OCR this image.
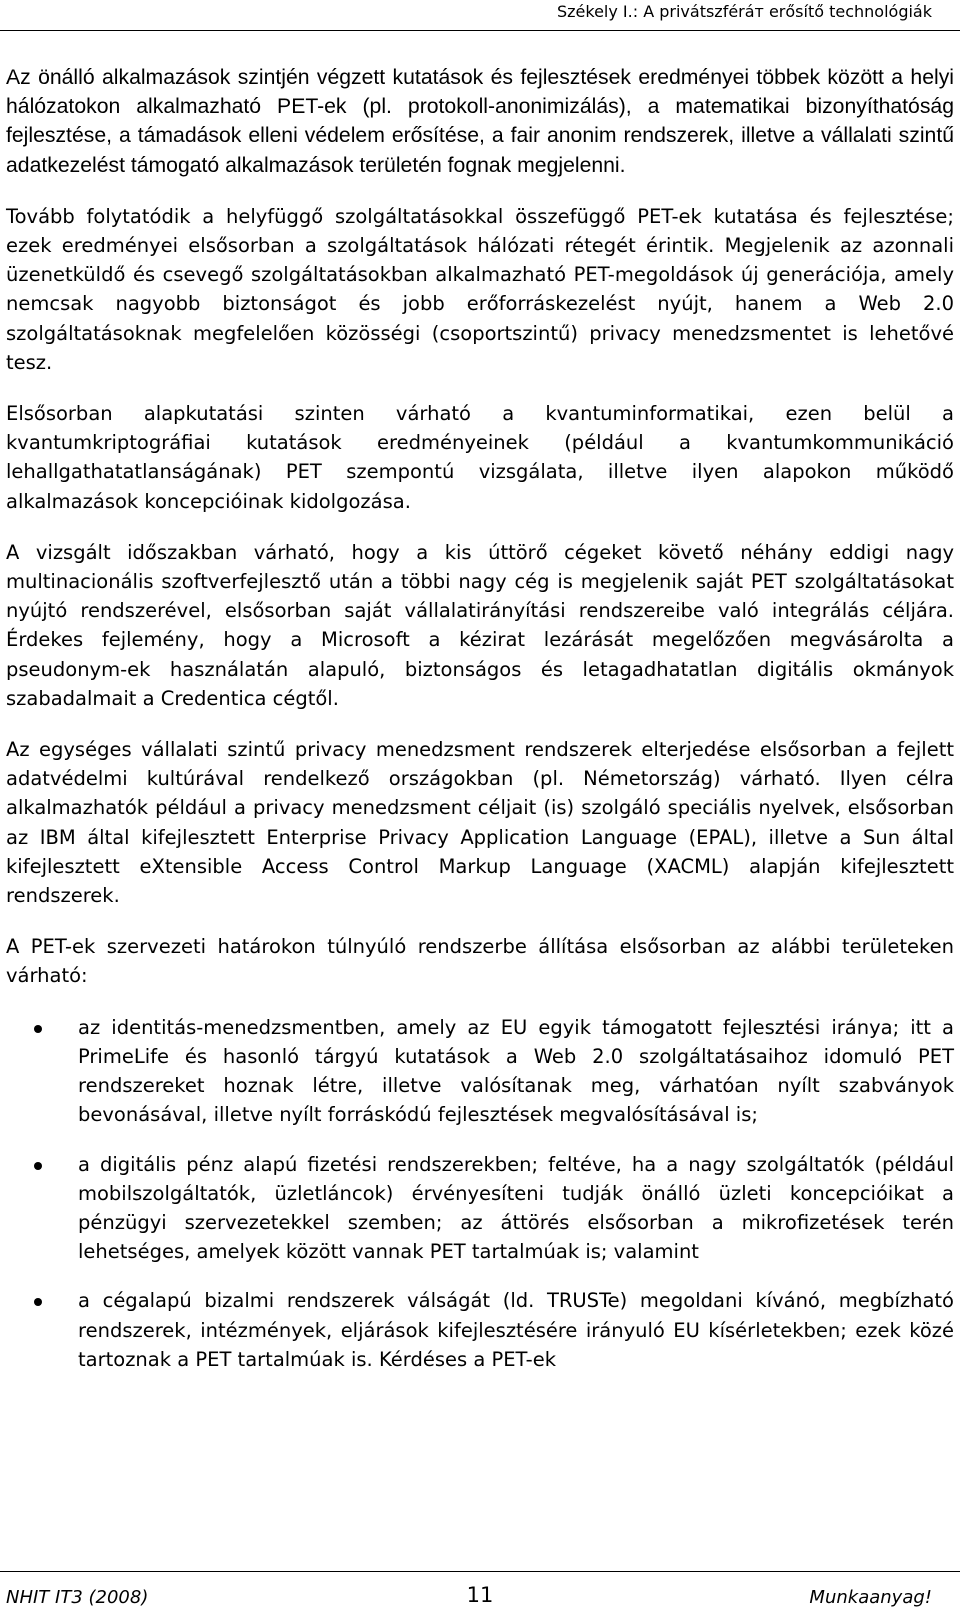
Székely I.: A privátszféráт erősítő technológiák

Az önálló alkalmazások szintjén végzett kutatások és fejlesztések eredményei többek között a helyi hálózatokon alkalmazható PET-ek (pl. protokoll-anonimizálás), a matematikai bizonyíthatóság fejlesztése, a támadások elleni védelem erősítése, a fair anonim rendszerek, illetve a vállalati szintű adatkezelést támogató alkalmazások területén fognak megjelenni.

Tovább folytatódik a helyfüggő szolgáltatásokkal összefüggő PET-ek kutatása és fejlesztése; ezek eredményei elsősorban a szolgáltatások hálózati rétegét érintik. Megjelenik az azonnali üzenetküldő és csevegő szolgáltatásokban alkalmazható PET-megoldások új generációja, amely nemcsak nagyobb biztonságot és jobb erőforráskezelést nyújt, hanem a Web 2.0 szolgáltatásoknak megfelelően közösségi (csoportszintű) privacy menedzsmentet is lehetővé tesz.

Elsősorban alapkutatási szinten várható a kvantuminformatikai, ezen belül a kvantumkriptográfiai kutatások eredményeinek (például a kvantumkommunikáció lehallgathatatlanságának) PET szempontú vizsgálata, illetve ilyen alapokon működő alkalmazások koncepcióinak kidolgozása.

A vizsgált időszakban várható, hogy a kis úttörő cégeket követő néhány eddigi nagy multinacionális szoftverfejlesztő után a többi nagy cég is megjelenik saját PET szolgáltatásokat nyújtó rendszerével, elsősorban saját vállalatirányítási rendszereibe való integrálás céljára. Érdekes fejlemény, hogy a Microsoft a kézirat lezárását megelőzően megvásárolta a pseudonym-ek használatán alapuló, biztonságos és letagadhatatlan digitális okmányok szabadalmait a Credentica cégtől.

Az egységes vállalati szintű privacy menedzsment rendszerek elterjedése elsősorban a fejlett adatvédelmi kultúrával rendelkező országokban (pl. Németország) várható. Ilyen célra alkalmazhatók például a privacy menedzsment céljait (is) szolgáló speciális nyelvek, elsősorban az IBM által kifejlesztett Enterprise Privacy Application Language (EPAL), illetve a Sun által kifejlesztett eXtensible Access Control Markup Language (XACML) alapján kifejlesztett rendszerek.

A PET-ek szervezeti határokon túlnyúló rendszerbe állítása elsősorban az alábbi területeken várható:

az identitás-menedzsmentben, amely az EU egyik támogatott fejlesztési iránya; itt a PrimeLife és hasonló tárgyú kutatások a Web 2.0 szolgáltatásaihoz idomuló PET rendszereket hoznak létre, illetve valósítanak meg, várhatóan nyílt szabványok bevonásával, illetve nyílt forráskódú fejlesztések megvalósításával is;
a digitális pénz alapú fizetési rendszerekben; feltéve, ha a nagy szolgáltatók (például mobilszolgáltatók, üzletláncok) érvényesíteni tudják önálló üzleti koncepcióikat a pénzügyi szervezetekkel szemben; az áttörés elsősorban a mikrofizetések terén lehetséges, amelyek között vannak PET tartalmúak is; valamint
a cégalapú bizalmi rendszerek válságát (ld. TRUSTe) megoldani kívánó, megbízható rendszerek, intézmények, eljárások kifejlesztésére irányuló EU kísérletekben; ezek közé tartoznak a PET tartalmúak is. Kérdéses a PET-ek
NHIT IT3 (2008)	11	Munkaanyag!
